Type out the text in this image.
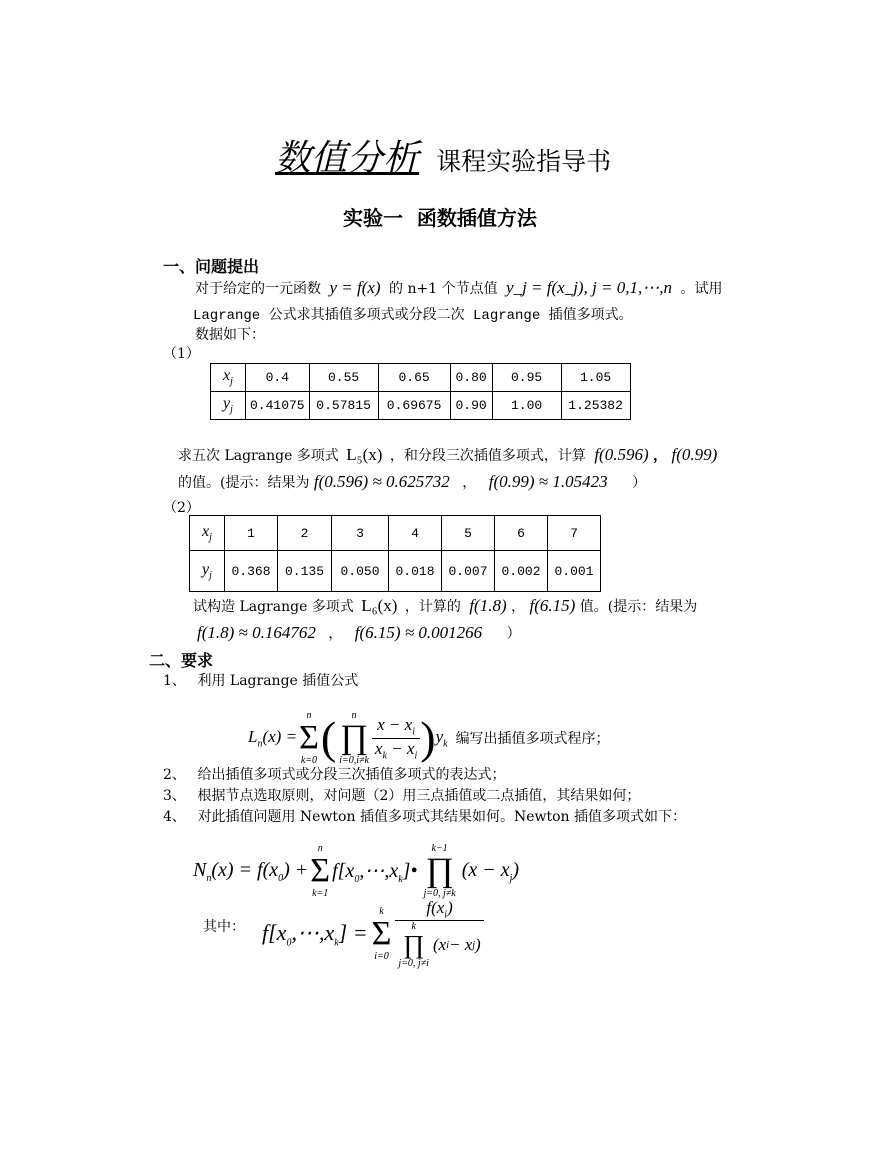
数值分析 课程实验指导书
实验一  函数插值方法
一、问题提出
对于给定的一元函数 y = f(x) 的 n+1 个节点值 y_j = f(x_j), j = 0,1,⋯,n 。试用
Lagrange 公式求其插值多项式或分段二次 Lagrange 插值多项式。
数据如下：
（1）
$x_j$	0.4	0.55	0.65	0.80	0.95	1.05
$y_j$	0.41075	0.57815	0.69675	0.90	1.00	1.25382
求五次 Lagrange 多项式 L₅(x) ，和分段三次插值多项式，计算 f(0.596) ， f(0.99)
的值。(提示：结果为 f(0.596) ≈ 0.625732 ， f(0.99) ≈ 1.05423 ）
（2）
$x_j$	1	2	3	4	5	6	7
$y_j$	0.368	0.135	0.050	0.018	0.007	0.002	0.001
试构造 Lagrange 多项式 L₆(x) ，计算的 f(1.8) ， f(6.15) 值。(提示：结果为
f(1.8) ≈ 0.164762 ， f(6.15) ≈ 0.001266 ）
二、要求
1、 利用 Lagrange 插值公式
$L_n(x)$ =
n
Σ
k=0 ( n
∏
$i=0,i\ne k \frac{x - x_i}{x_k - x_i}$ ) $y_k$ 编写出插值多项式程序；
2、 给出插值多项式或分段三次插值多项式的表达式；
3、 根据节点选取原则，对问题（2）用三点插值或二点插值，其结果如何；
4、 对此插值问题用 Newton 插值多项式其结果如何。Newton 插值多项式如下：
$N_n(x) = f(x_0)$ +
n
Σ
k=1
$f[x_0,\cdots,x_k]•$
k−1
∏
j=0, j≠k
$(x - x_j)$
其中： $f[x_0,\cdots,x_k]$ =
k
Σ
i=0 $f(x_i)$
k
∏
j=0, j≠i
(x i − x j )
